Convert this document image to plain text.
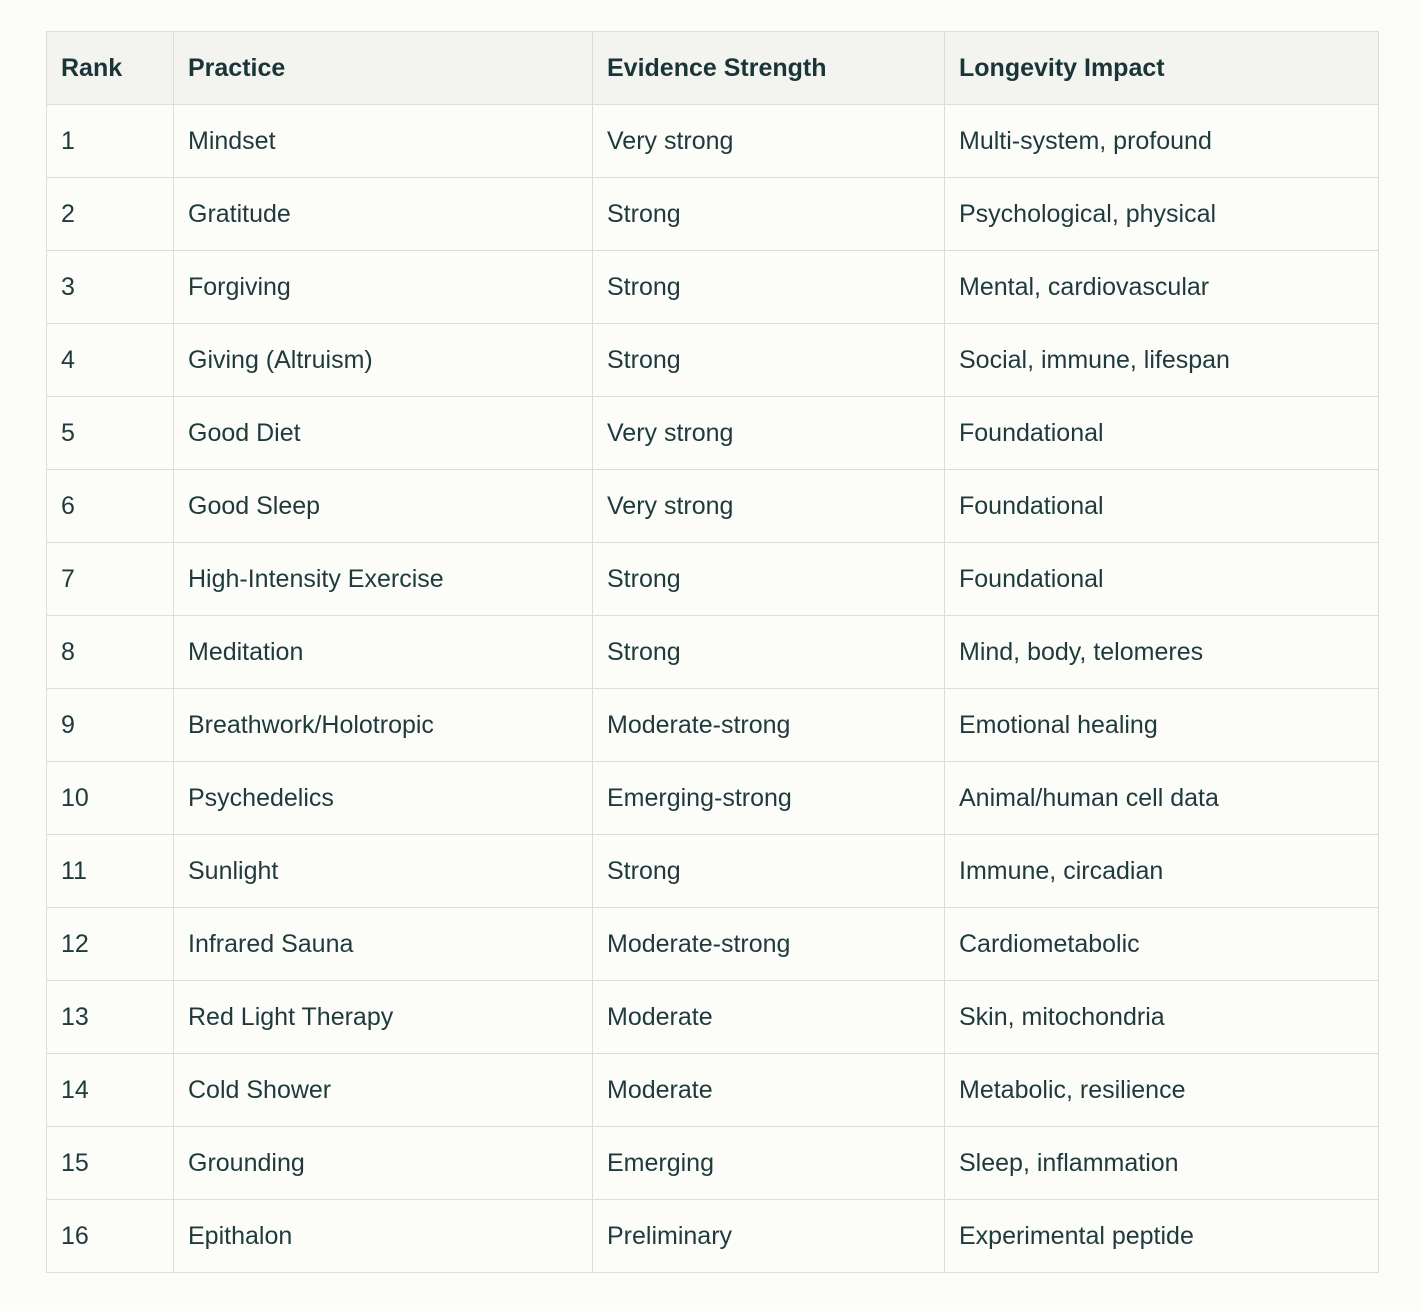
Rank	Practice	Evidence Strength	Longevity Impact
1	Mindset	Very strong	Multi-system, profound
2	Gratitude	Strong	Psychological, physical
3	Forgiving	Strong	Mental, cardiovascular
4	Giving (Altruism)	Strong	Social, immune, lifespan
5	Good Diet	Very strong	Foundational
6	Good Sleep	Very strong	Foundational
7	High-Intensity Exercise	Strong	Foundational
8	Meditation	Strong	Mind, body, telomeres
9	Breathwork/Holotropic	Moderate-strong	Emotional healing
10	Psychedelics	Emerging-strong	Animal/human cell data
11	Sunlight	Strong	Immune, circadian
12	Infrared Sauna	Moderate-strong	Cardiometabolic
13	Red Light Therapy	Moderate	Skin, mitochondria
14	Cold Shower	Moderate	Metabolic, resilience
15	Grounding	Emerging	Sleep, inflammation
16	Epithalon	Preliminary	Experimental peptide
